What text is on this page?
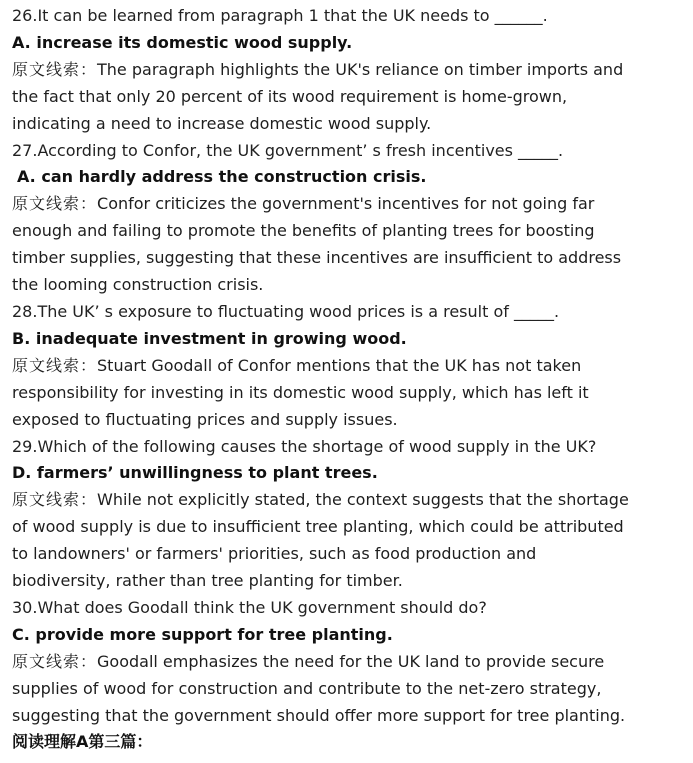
26.It can be learned from paragraph 1 that the UK needs to ______.
A. increase its domestic wood supply.
原文线索：The paragraph highlights the UK's reliance on timber imports and
the fact that only 20 percent of its wood requirement is home-grown,
indicating a need to increase domestic wood supply.
27.According to Confor, the UK government’ s fresh incentives _____.
A. can hardly address the construction crisis.
原文线索：Confor criticizes the government's incentives for not going far
enough and failing to promote the benefits of planting trees for boosting
timber supplies, suggesting that these incentives are insufficient to address
the looming construction crisis.
28.The UK’ s exposure to fluctuating wood prices is a result of _____.
B. inadequate investment in growing wood.
原文线索：Stuart Goodall of Confor mentions that the UK has not taken
responsibility for investing in its domestic wood supply, which has left it
exposed to fluctuating prices and supply issues.
29.Which of the following causes the shortage of wood supply in the UK?
D. farmers’ unwillingness to plant trees.
原文线索：While not explicitly stated, the context suggests that the shortage
of wood supply is due to insufficient tree planting, which could be attributed
to landowners' or farmers' priorities, such as food production and
biodiversity, rather than tree planting for timber.
30.What does Goodall think the UK government should do?
C. provide more support for tree planting.
原文线索：Goodall emphasizes the need for the UK land to provide secure
supplies of wood for construction and contribute to the net-zero strategy,
suggesting that the government should offer more support for tree planting.
阅读理解A第三篇：
